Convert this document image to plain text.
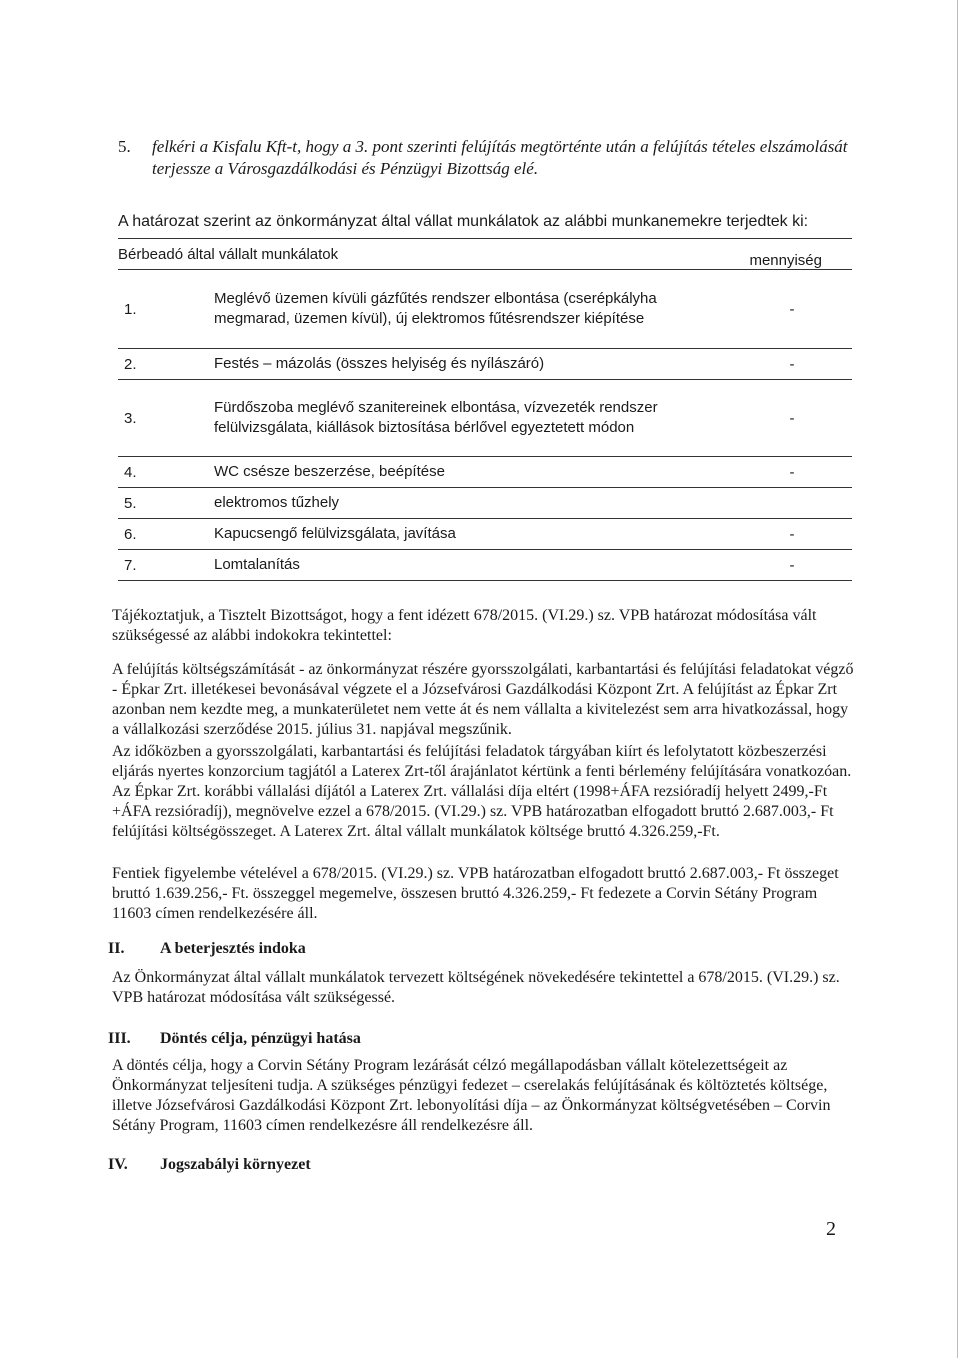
5. felkéri a Kisfalu Kft-t, hogy a 3. pont szerinti felújítás megtörténte után a felújítás tételes elszámolását terjessze a Városgazdálkodási és Pénzügyi Bizottság elé.
A határozat szerint az önkormányzat által vállat munkálatok az alábbi munkanemekre terjedtek ki:
Bérbeadó által vállalt munkálatok		mennyiség
1.	Meglévő üzemen kívüli gázfűtés rendszer elbontása (cserépkályha megmarad, üzemen kívül), új elektromos fűtésrendszer kiépítése	-
2.	Festés – mázolás (összes helyiség és nyílászáró)	-
3.	Fürdőszoba meglévő szanitereinek elbontása, vízvezeték rendszer felülvizsgálata, kiállások biztosítása bérlővel egyeztetett módon	-
4.	WC csésze beszerzése, beépítése	-
5.	elektromos tűzhely	
6.	Kapucsengő felülvizsgálata, javítása	-
7.	Lomtalanítás	-
Tájékoztatjuk, a Tisztelt Bizottságot, hogy a fent idézett 678/2015. (VI.29.) sz. VPB határozat módosítása vált szükségessé az alábbi indokokra tekintettel:
A felújítás költségszámítását - az önkormányzat részére gyorsszolgálati, karbantartási és felújítási feladatokat végző - Épkar Zrt. illetékesei bevonásával végzete el a Józsefvárosi Gazdálkodási Központ Zrt. A felújítást az Épkar Zrt azonban nem kezdte meg, a munkaterületet nem vette át és nem vállalta a kivitelezést sem arra hivatkozással, hogy a vállalkozási szerződése 2015. július 31. napjával megszűnik.
Az időközben a gyorsszolgálati, karbantartási és felújítási feladatok tárgyában kiírt és lefolytatott közbeszerzési eljárás nyertes konzorcium tagjától a Laterex Zrt-től árajánlatot kértünk a fenti bérlemény felújítására vonatkozóan. Az Épkar Zrt. korábbi vállalási díjától a Laterex Zrt. vállalási díja eltért (1998+ÁFA rezsióradíj helyett 2499,-Ft +ÁFA rezsióradíj), megnövelve ezzel a 678/2015. (VI.29.) sz. VPB határozatban elfogadott bruttó 2.687.003,- Ft felújítási költségösszeget. A Laterex Zrt. által vállalt munkálatok költsége bruttó 4.326.259,-Ft.
Fentiek figyelembe vételével a 678/2015. (VI.29.) sz. VPB határozatban elfogadott bruttó 2.687.003,- Ft összeget bruttó 1.639.256,- Ft. összeggel megemelve, összesen bruttó 4.326.259,- Ft fedezete a Corvin Sétány Program 11603 címen rendelkezésére áll.
II. A beterjesztés indoka
Az Önkormányzat által vállalt munkálatok tervezett költségének növekedésére tekintettel a 678/2015. (VI.29.) sz. VPB határozat módosítása vált szükségessé.
III. Döntés célja, pénzügyi hatása
A döntés célja, hogy a Corvin Sétány Program lezárását célzó megállapodásban vállalt kötelezettségeit az Önkormányzat teljesíteni tudja. A szükséges pénzügyi fedezet – cserelakás felújításának és költöztetés költsége, illetve Józsefvárosi Gazdálkodási Központ Zrt. lebonyolítási díja – az Önkormányzat költségvetésében – Corvin Sétány Program, 11603 címen rendelkezésre áll rendelkezésre áll.
IV. Jogszabályi környezet
2
